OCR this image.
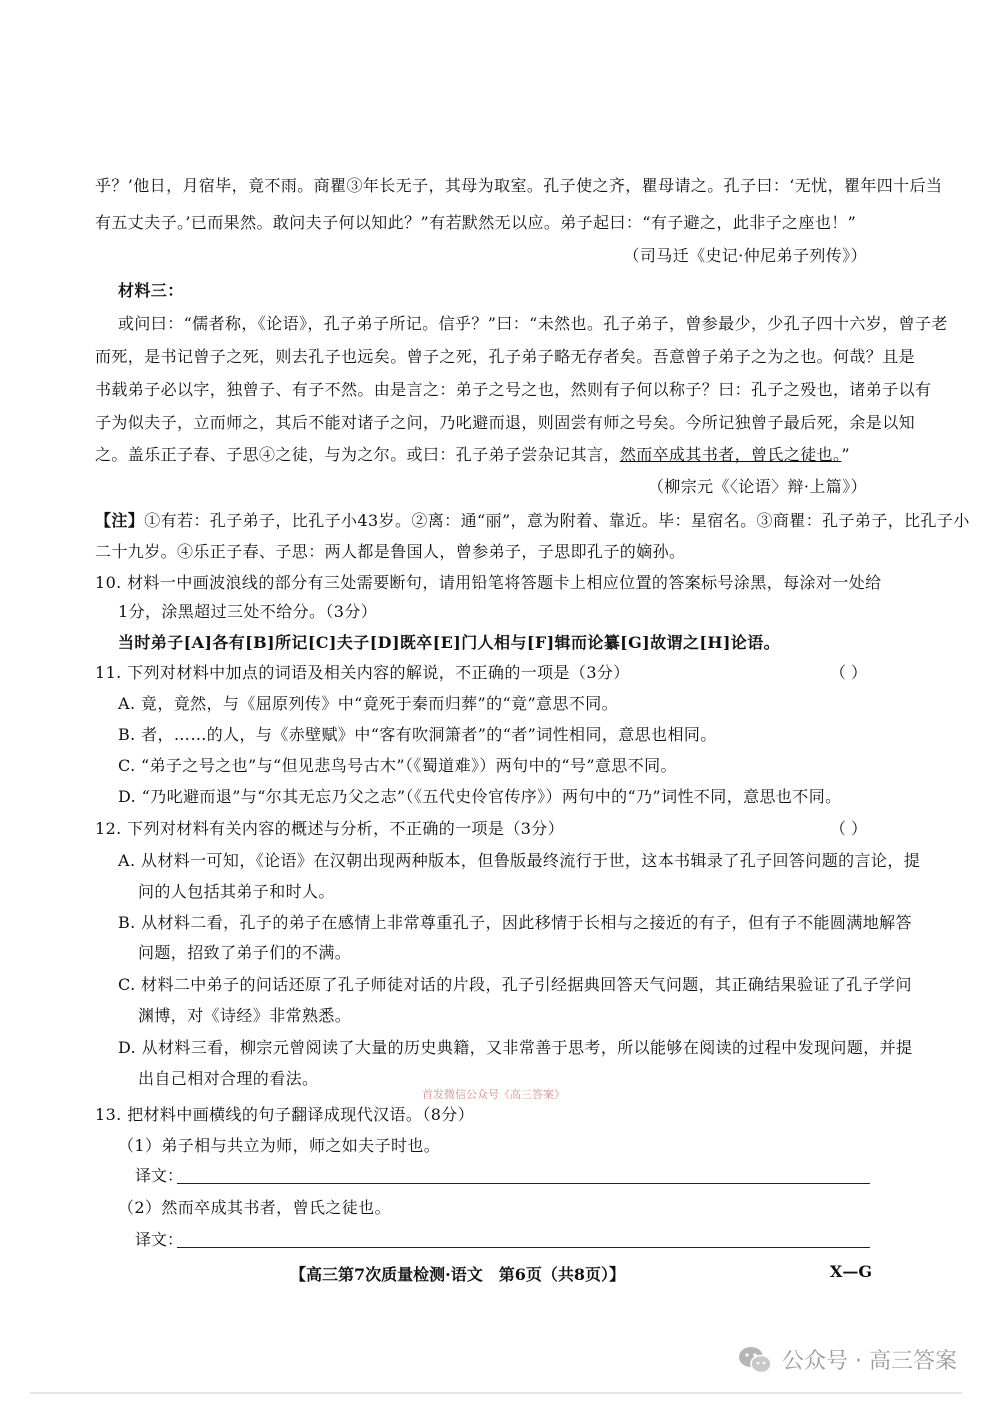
乎？’他日，月宿毕，竟不雨。商瞿③年长无子，其母为取室。孔子使之齐，瞿母请之。孔子曰：‘无忧，瞿年四十后当
有五丈夫子。’已而果然。敢问夫子何以知此？”有若默然无以应。弟子起曰：“有子避之，此非子之座也！”
（司马迁《史记·仲尼弟子列传》）
材料三：
或问曰：“儒者称，《论语》，孔子弟子所记。信乎？”曰：“未然也。孔子弟子，曾参最少，少孔子四十六岁，曾子老
而死，是书记曾子之死，则去孔子也远矣。曾子之死，孔子弟子略无存者矣。吾意曾子弟子之为之也。何哉？且是
书载弟子必以字，独曾子、有子不然。由是言之：弟子之号之也，然则有子何以称子？曰：孔子之殁也，诸弟子以有
子为似夫子，立而师之，其后不能对诸子之问，乃叱避而退，则固尝有师之号矣。今所记独曾子最后死，余是以知
之。盖乐正子春、子思④之徒，与为之尔。或曰：孔子弟子尝杂记其言，然而卒成其书者，曾氏之徒也。”
（柳宗元《〈论语〉辩·上篇》）
【注】①有若：孔子弟子，比孔子小43岁。②离：通“丽”，意为附着、靠近。毕：星宿名。③商瞿：孔子弟子，比孔子小
二十九岁。④乐正子春、子思：两人都是鲁国人，曾参弟子，子思即孔子的嫡孙。
10. 材料一中画波浪线的部分有三处需要断句，请用铅笔将答题卡上相应位置的答案标号涂黑，每涂对一处给
1分，涂黑超过三处不给分。（3分）
当时弟子[A]各有[B]所记[C]夫子[D]既卒[E]门人相与[F]辑而论纂[G]故谓之[H]论语。
11. 下列对材料中加点的词语及相关内容的解说，不正确的一项是（3分）	（ ）
A. 竟，竟然，与《屈原列传》中“竟死于秦而归葬”的“竟”意思不同。
B. 者，……的人，与《赤壁赋》中“客有吹洞箫者”的“者”词性相同，意思也相同。
C. “弟子之号之也”与“但见悲鸟号古木”（《蜀道难》）两句中的“号”意思不同。
D. “乃叱避而退”与“尔其无忘乃父之志”（《五代史伶官传序》）两句中的“乃”词性不同，意思也不同。
12. 下列对材料有关内容的概述与分析，不正确的一项是（3分）	（ ）
A. 从材料一可知，《论语》在汉朝出现两种版本，但鲁版最终流行于世，这本书辑录了孔子回答问题的言论，提
问的人包括其弟子和时人。
B. 从材料二看，孔子的弟子在感情上非常尊重孔子，因此移情于长相与之接近的有子，但有子不能圆满地解答
问题，招致了弟子们的不满。
C. 材料二中弟子的问话还原了孔子师徒对话的片段，孔子引经据典回答天气问题，其正确结果验证了孔子学问
渊博，对《诗经》非常熟悉。
D. 从材料三看，柳宗元曾阅读了大量的历史典籍，又非常善于思考，所以能够在阅读的过程中发现问题，并提
出自己相对合理的看法。
首发微信公众号《高三答案》
13. 把材料中画横线的句子翻译成现代汉语。（8分）
（1）弟子相与共立为师，师之如夫子时也。
译文：
（2）然而卒成其书者，曾氏之徒也。
译文：
【高三第7次质量检测·语文　第6页（共8页）】	X—G
公众号 · 高三答案
